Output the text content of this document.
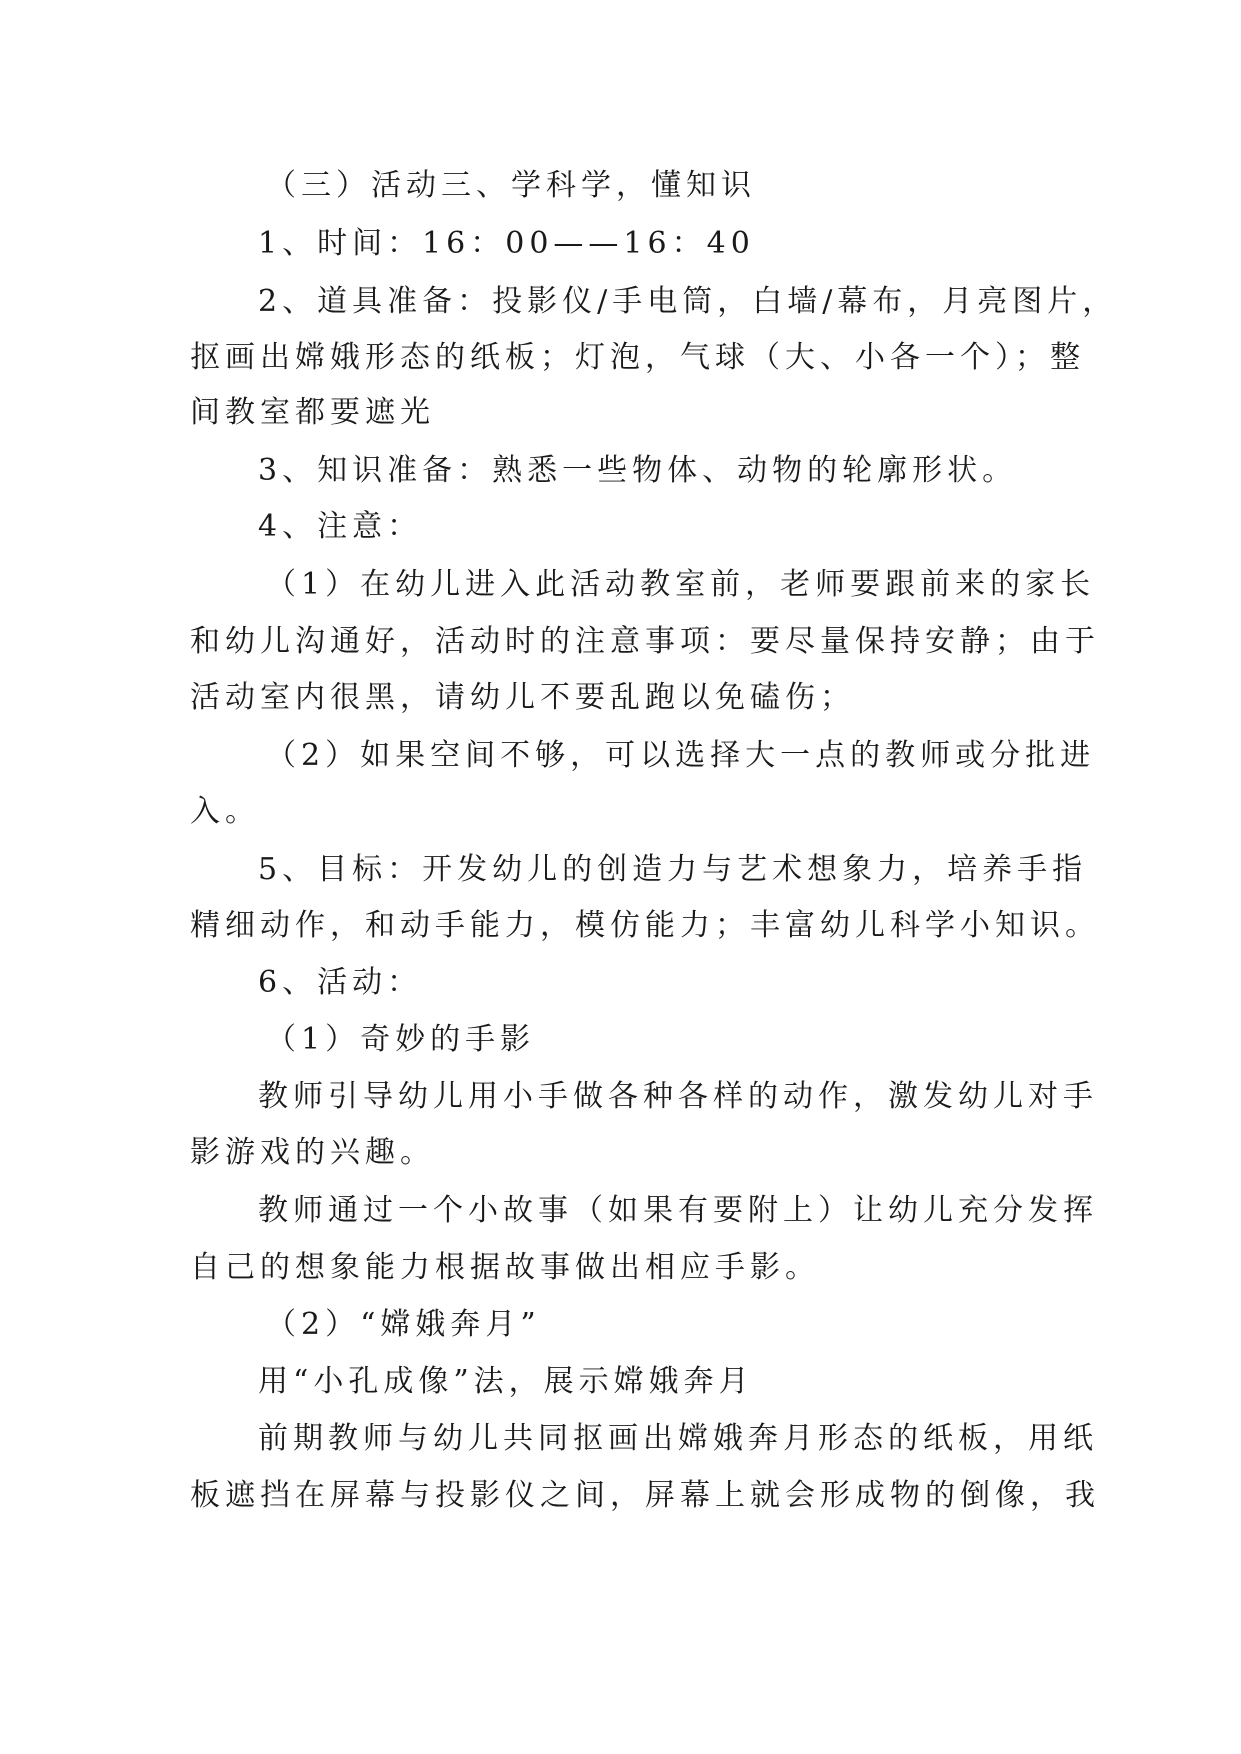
（三）活动三、学科学，懂知识

1、时间：16：00——16：40

2、道具准备：投影仪/手电筒，白墙/幕布，月亮图片，

抠画出嫦娥形态的纸板；灯泡，气球（大、小各一个）；整

间教室都要遮光

3、知识准备：熟悉一些物体、动物的轮廓形状。

4、注意：

（1）在幼儿进入此活动教室前，老师要跟前来的家长

和幼儿沟通好，活动时的注意事项：要尽量保持安静；由于

活动室内很黑，请幼儿不要乱跑以免磕伤；

（2）如果空间不够，可以选择大一点的教师或分批进

入。

5、目标：开发幼儿的创造力与艺术想象力，培养手指

精细动作，和动手能力，模仿能力；丰富幼儿科学小知识。

6、活动：

（1）奇妙的手影

教师引导幼儿用小手做各种各样的动作，激发幼儿对手

影游戏的兴趣。

教师通过一个小故事（如果有要附上）让幼儿充分发挥

自己的想象能力根据故事做出相应手影。

（2）“嫦娥奔月”

用“小孔成像”法，展示嫦娥奔月

前期教师与幼儿共同抠画出嫦娥奔月形态的纸板，用纸

板遮挡在屏幕与投影仪之间，屏幕上就会形成物的倒像，我
